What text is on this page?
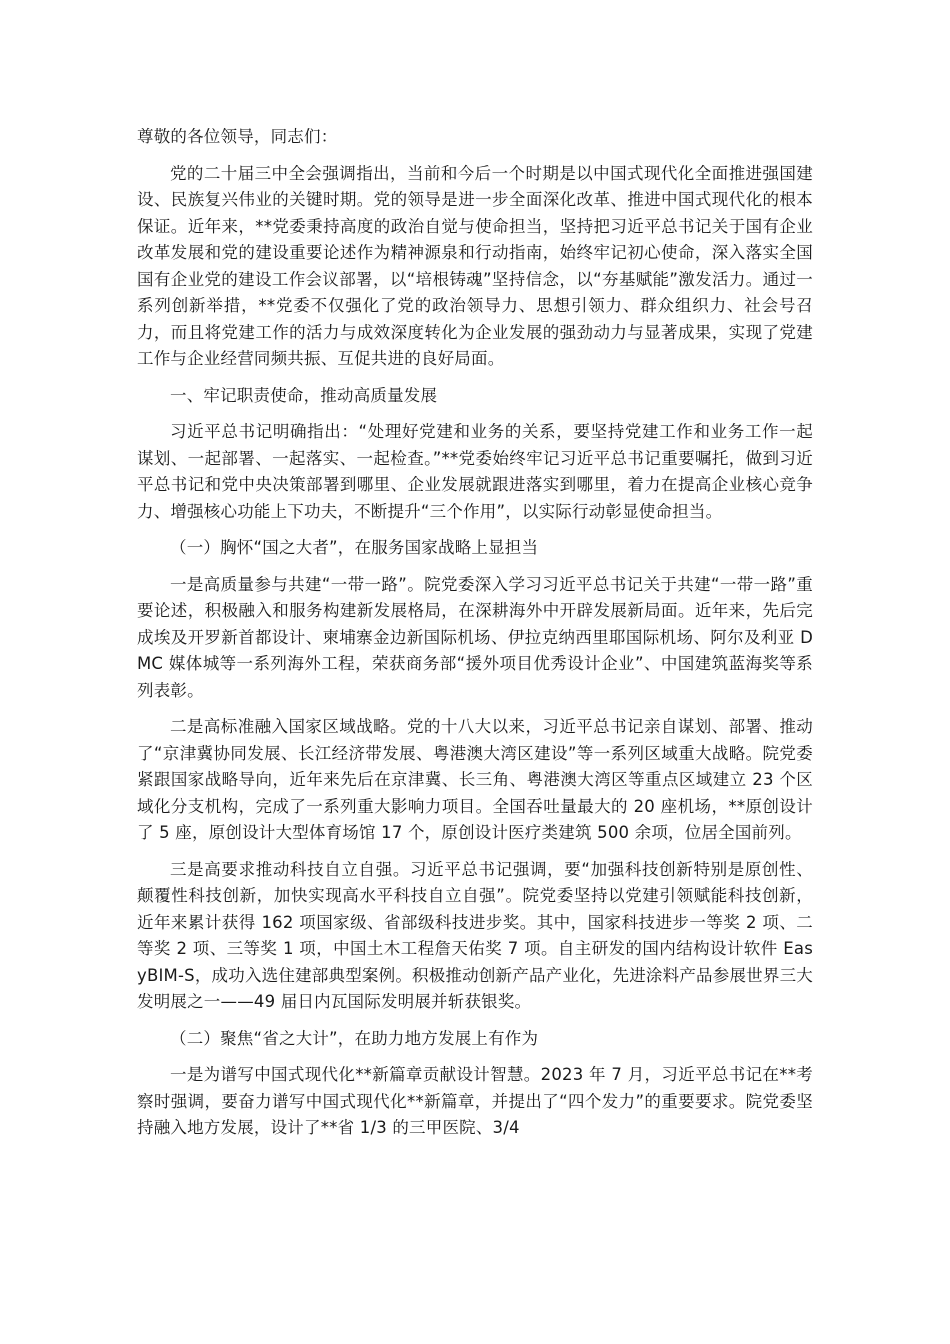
尊敬的各位领导，同志们：

党的二十届三中全会强调指出，当前和今后一个时期是以中国式现代化全面推进强国建设、民族复兴伟业的关键时期。党的领导是进一步全面深化改革、推进中国式现代化的根本保证。近年来，**党委秉持高度的政治自觉与使命担当，坚持把习近平总书记关于国有企业改革发展和党的建设重要论述作为精神源泉和行动指南，始终牢记初心使命，深入落实全国国有企业党的建设工作会议部署，以“培根铸魂”坚持信念，以“夯基赋能”激发活力。通过一系列创新举措，**党委不仅强化了党的政治领导力、思想引领力、群众组织力、社会号召力，而且将党建工作的活力与成效深度转化为企业发展的强劲动力与显著成果，实现了党建工作与企业经营同频共振、互促共进的良好局面。

一、牢记职责使命，推动高质量发展

习近平总书记明确指出：“处理好党建和业务的关系，要坚持党建工作和业务工作一起谋划、一起部署、一起落实、一起检查。”**党委始终牢记习近平总书记重要嘱托，做到习近平总书记和党中央决策部署到哪里、企业发展就跟进落实到哪里，着力在提高企业核心竞争力、增强核心功能上下功夫，不断提升“三个作用”，以实际行动彰显使命担当。

（一）胸怀“国之大者”，在服务国家战略上显担当

一是高质量参与共建“一带一路”。院党委深入学习习近平总书记关于共建“一带一路”重要论述，积极融入和服务构建新发展格局，在深耕海外中开辟发展新局面。近年来，先后完成埃及开罗新首都设计、柬埔寨金边新国际机场、伊拉克纳西里耶国际机场、阿尔及利亚 DMC 媒体城等一系列海外工程，荣获商务部“援外项目优秀设计企业”、中国建筑蓝海奖等系列表彰。

二是高标准融入国家区域战略。党的十八大以来，习近平总书记亲自谋划、部署、推动了“京津冀协同发展、长江经济带发展、粤港澳大湾区建设”等一系列区域重大战略。院党委紧跟国家战略导向，近年来先后在京津冀、长三角、粤港澳大湾区等重点区域建立 23 个区域化分支机构，完成了一系列重大影响力项目。全国吞吐量最大的 20 座机场，**原创设计了 5 座，原创设计大型体育场馆 17 个，原创设计医疗类建筑 500 余项，位居全国前列。

三是高要求推动科技自立自强。习近平总书记强调，要“加强科技创新特别是原创性、颠覆性科技创新，加快实现高水平科技自立自强”。院党委坚持以党建引领赋能科技创新，近年来累计获得 162 项国家级、省部级科技进步奖。其中，国家科技进步一等奖 2 项、二等奖 2 项、三等奖 1 项，中国土木工程詹天佑奖 7 项。自主研发的国内结构设计软件 EasyBIM-S，成功入选住建部典型案例。积极推动创新产品产业化，先进涂料产品参展世界三大发明展之一——49 届日内瓦国际发明展并斩获银奖。

（二）聚焦“省之大计”，在助力地方发展上有作为

一是为谱写中国式现代化**新篇章贡献设计智慧。2023 年 7 月，习近平总书记在**考察时强调，要奋力谱写中国式现代化**新篇章，并提出了“四个发力”的重要要求。院党委坚持融入地方发展，设计了**省 1/3 的三甲医院、3/4
